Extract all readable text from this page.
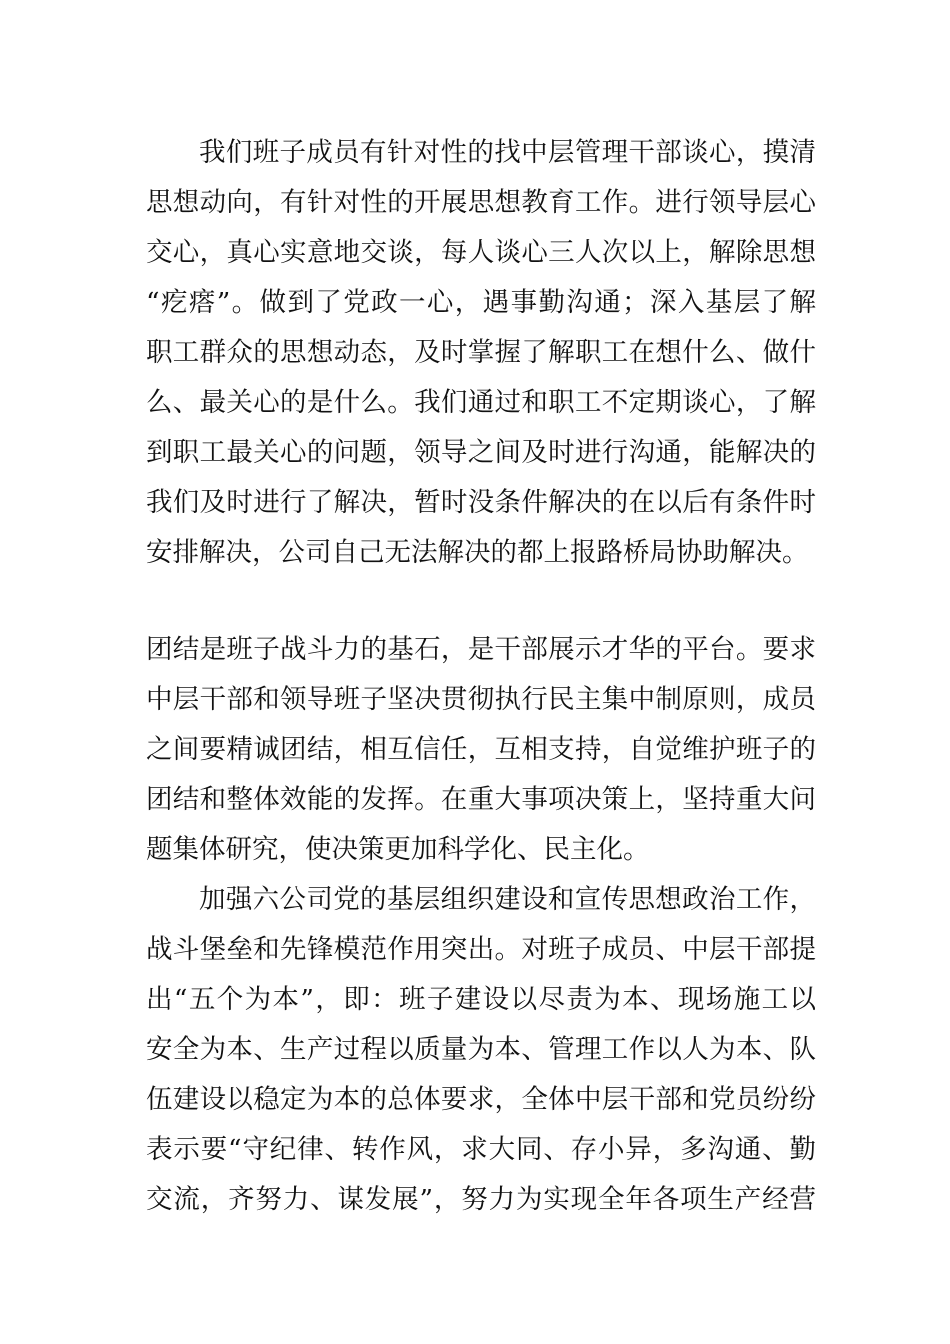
我们班子成员有针对性的找中层管理干部谈心，摸清

思想动向，有针对性的开展思想教育工作。进行领导层心

交心，真心实意地交谈，每人谈心三人次以上，解除思想

“疙瘩”。做到了党政一心，遇事勤沟通；深入基层了解

职工群众的思想动态，及时掌握了解职工在想什么、做什

么、最关心的是什么。我们通过和职工不定期谈心，了解

到职工最关心的问题，领导之间及时进行沟通，能解决的

我们及时进行了解决，暂时没条件解决的在以后有条件时

安排解决，公司自己无法解决的都上报路桥局协助解决。

团结是班子战斗力的基石，是干部展示才华的平台。要求

中层干部和领导班子坚决贯彻执行民主集中制原则，成员

之间要精诚团结，相互信任，互相支持，自觉维护班子的

团结和整体效能的发挥。在重大事项决策上，坚持重大问

题集体研究，使决策更加科学化、民主化。

加强六公司党的基层组织建设和宣传思想政治工作，

战斗堡垒和先锋模范作用突出。对班子成员、中层干部提

出“五个为本”，即：班子建设以尽责为本、现场施工以

安全为本、生产过程以质量为本、管理工作以人为本、队

伍建设以稳定为本的总体要求，全体中层干部和党员纷纷

表示要“守纪律、转作风，求大同、存小异，多沟通、勤

交流，齐努力、谋发展”，努力为实现全年各项生产经营
